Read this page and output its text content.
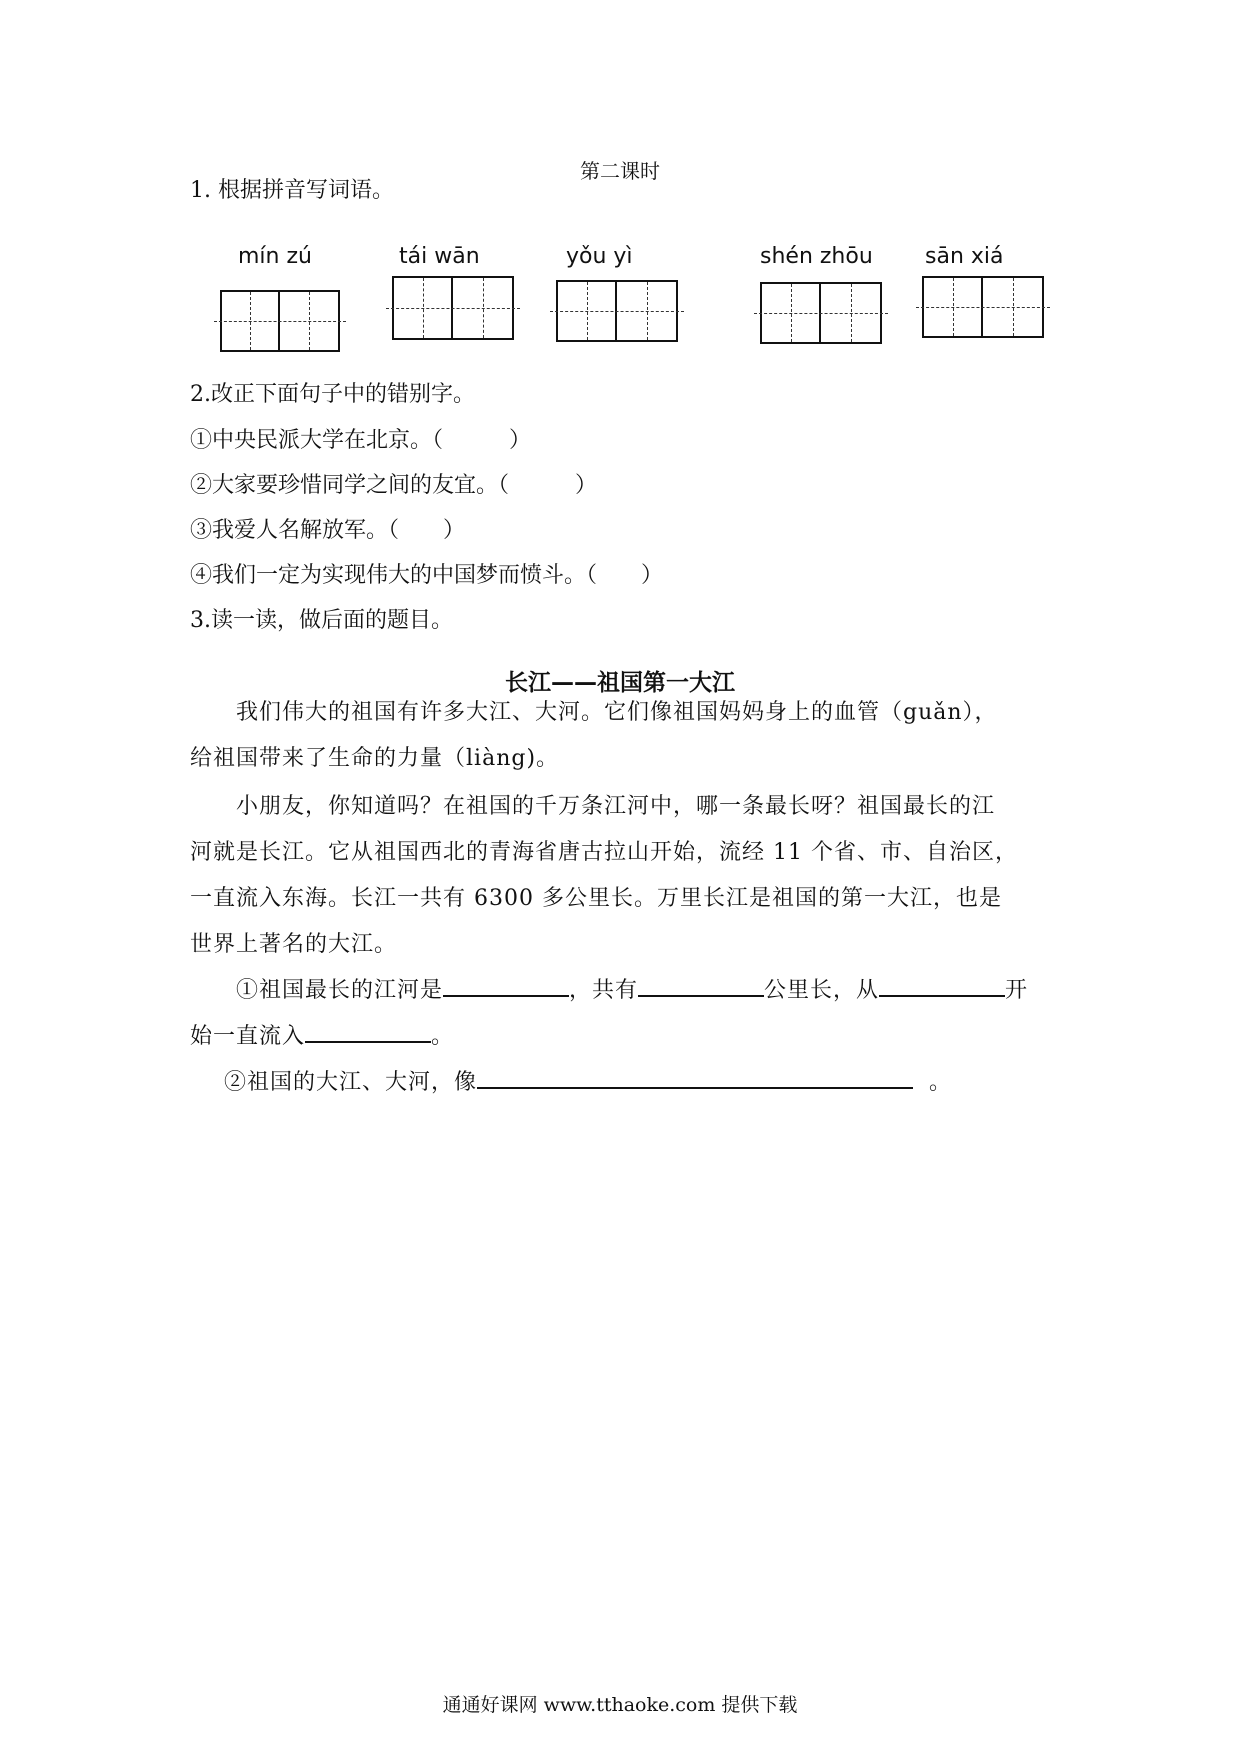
第二课时
1. 根据拼音写词语。
mín zú	tái wān	yǒu yì	shén zhōu sān xiá
2.改正下面句子中的错别字。
①中央民派大学在北京。（　　　）
②大家要珍惜同学之间的友宜。（　　　）
③我爱人名解放军。（　　）
④我们一定为实现伟大的中国梦而愤斗。（　　）
3.读一读，做后面的题目。
长江——祖国第一大江
我们伟大的祖国有许多大江、大河。它们像祖国妈妈身上的血管（guǎn），
给祖国带来了生命的力量（liàng)。
小朋友，你知道吗？在祖国的千万条江河中，哪一条最长呀？祖国最长的江
河就是长江。它从祖国西北的青海省唐古拉山开始，流经 11 个省、市、自治区，
一直流入东海。长江一共有 6300 多公里长。万里长江是祖国的第一大江，也是
世界上著名的大江。
①祖国最长的江河是	，共有	公里长，从	开
始一直流入	。
②祖国的大江、大河，像	。
通通好课网 www.tthaoke.com 提供下载
